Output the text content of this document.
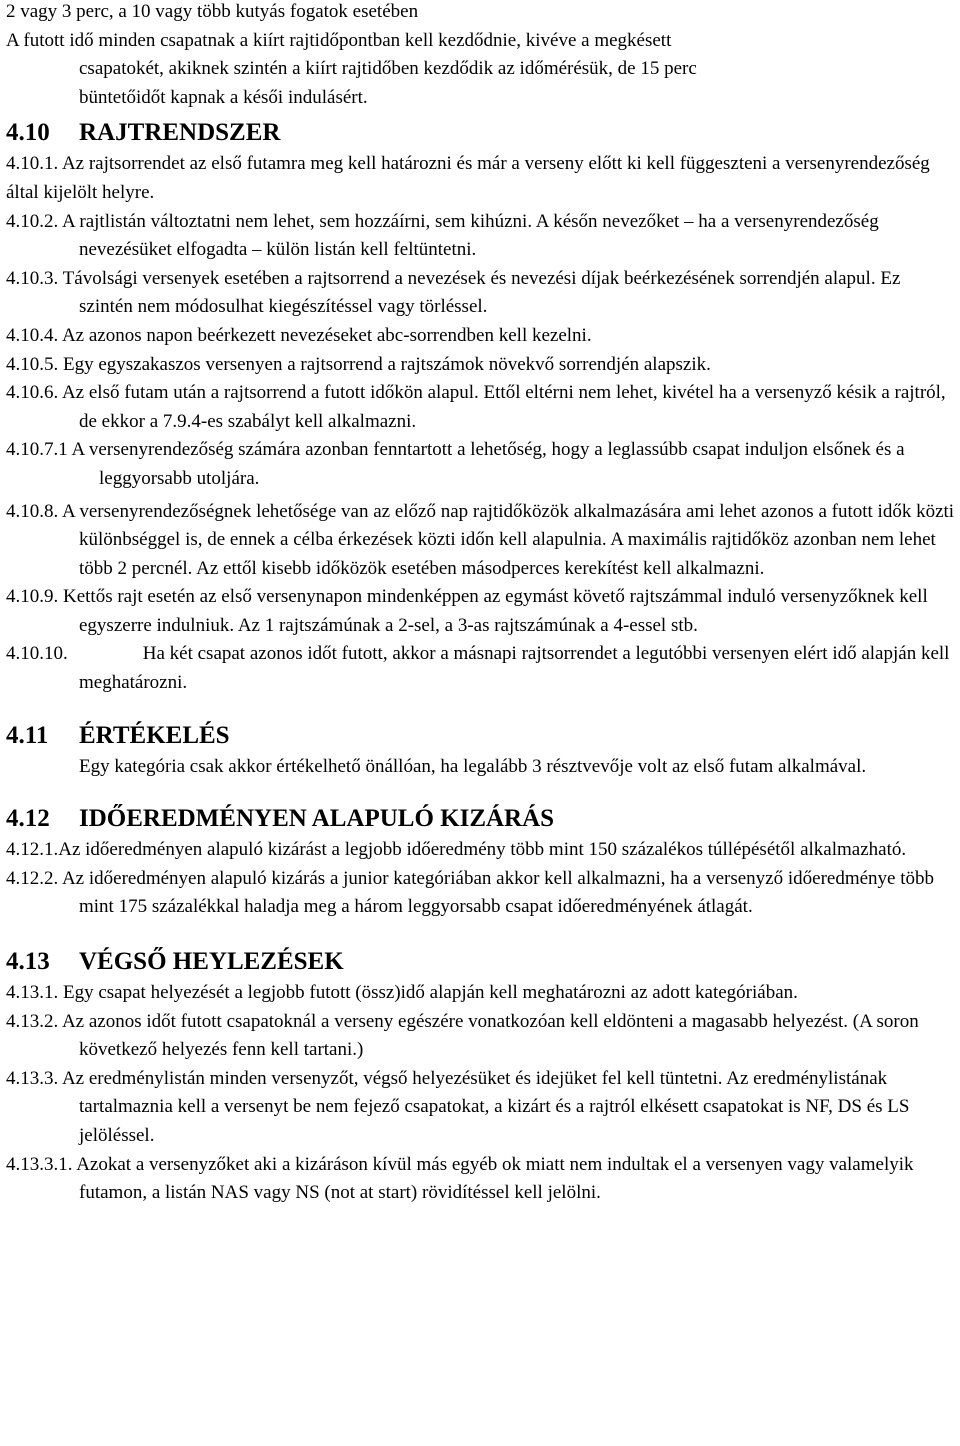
2 vagy 3 perc, a 10 vagy több kutyás fogatok esetében

A futott idő minden csapatnak a kiírt rajtidőpontban kell kezdődnie, kivéve a megkésett

csapatokét, akiknek szintén a kiírt rajtidőben kezdődik az időmérésük, de 15 perc

büntetőidőt kapnak a késői indulásért.

4.10	RAJTRENDSZER
4.10.1. Az rajtsorrendet az első futamra meg kell határozni és már a verseny előtt ki kell függeszteni a versenyrendezőség által kijelölt helyre.
4.10.2. A rajtlistán változtatni nem lehet, sem hozzáírni, sem kihúzni. A későn nevezőket – ha a versenyrendezőség nevezésüket elfogadta – külön listán kell feltüntetni.
4.10.3. Távolsági versenyek esetében a rajtsorrend a nevezések és nevezési díjak beérkezésének sorrendjén alapul. Ez szintén nem módosulhat kiegészítéssel vagy törléssel.
4.10.4. Az azonos napon beérkezett nevezéseket abc-sorrendben kell kezelni.
4.10.5. Egy egyszakaszos versenyen a rajtsorrend a rajtszámok növekvő sorrendjén alapszik.
4.10.6. Az első futam után a rajtsorrend a futott időkön alapul. Ettől eltérni nem lehet, kivétel ha a versenyző késik a rajtról, de ekkor a 7.9.4-es szabályt kell alkalmazni.
4.10.7.1 A versenyrendezőség számára azonban fenntartott a lehetőség, hogy a leglassúbb csapat induljon elsőnek és a leggyorsabb utoljára.
4.10.8. A versenyrendezőségnek lehetősége van az előző nap rajtidőközök alkalmazására ami lehet azonos a futott idők közti különbséggel is, de ennek a célba érkezések közti időn kell alapulnia. A maximális rajtidőköz azonban nem lehet több 2 percnél. Az ettől kisebb időközök esetében másodperces kerekítést kell alkalmazni.
4.10.9. Kettős rajt esetén az első versenynapon mindenképpen az egymást követő rajtszámmal induló versenyzőknek kell egyszerre indulniuk. Az 1 rajtszámúnak a 2-sel, a 3-as rajtszámúnak a 4-essel stb.
4.10.10.	Ha két csapat azonos időt futott, akkor a másnapi rajtsorrendet a legutóbbi versenyen elért idő alapján kell meghatározni.
4.11	ÉRTÉKELÉS

Egy kategória csak akkor értékelhető önállóan, ha legalább 3 résztvevője volt az első futam alkalmával.

4.12	IDŐEREDMÉNYEN ALAPULÓ KIZÁRÁS
4.12.1.Az időeredményen alapuló kizárást a legjobb időeredmény több mint 150 százalékos túllépésétől alkalmazható.
4.12.2. Az időeredményen alapuló kizárás a junior kategóriában akkor kell alkalmazni, ha a versenyző időeredménye több mint 175 százalékkal haladja meg a három leggyorsabb csapat időeredményének átlagát.
4.13	VÉGSŐ HEYLEZÉSEK
4.13.1. Egy csapat helyezését a legjobb futott (össz)idő alapján kell meghatározni az adott kategóriában.
4.13.2. Az azonos időt futott csapatoknál a verseny egészére vonatkozóan kell eldönteni a magasabb helyezést. (A soron következő helyezés fenn kell tartani.)
4.13.3. Az eredménylistán minden versenyzőt, végső helyezésüket és idejüket fel kell tüntetni. Az eredménylistának tartalmaznia kell a versenyt be nem fejező csapatokat, a kizárt és a rajtról elkésett csapatokat is NF, DS és LS jelöléssel.
4.13.3.1. Azokat a versenyzőket aki a kizáráson kívül más egyéb ok miatt nem indultak el a versenyen vagy valamelyik futamon, a listán NAS vagy NS (not at start) rövidítéssel kell jelölni.
